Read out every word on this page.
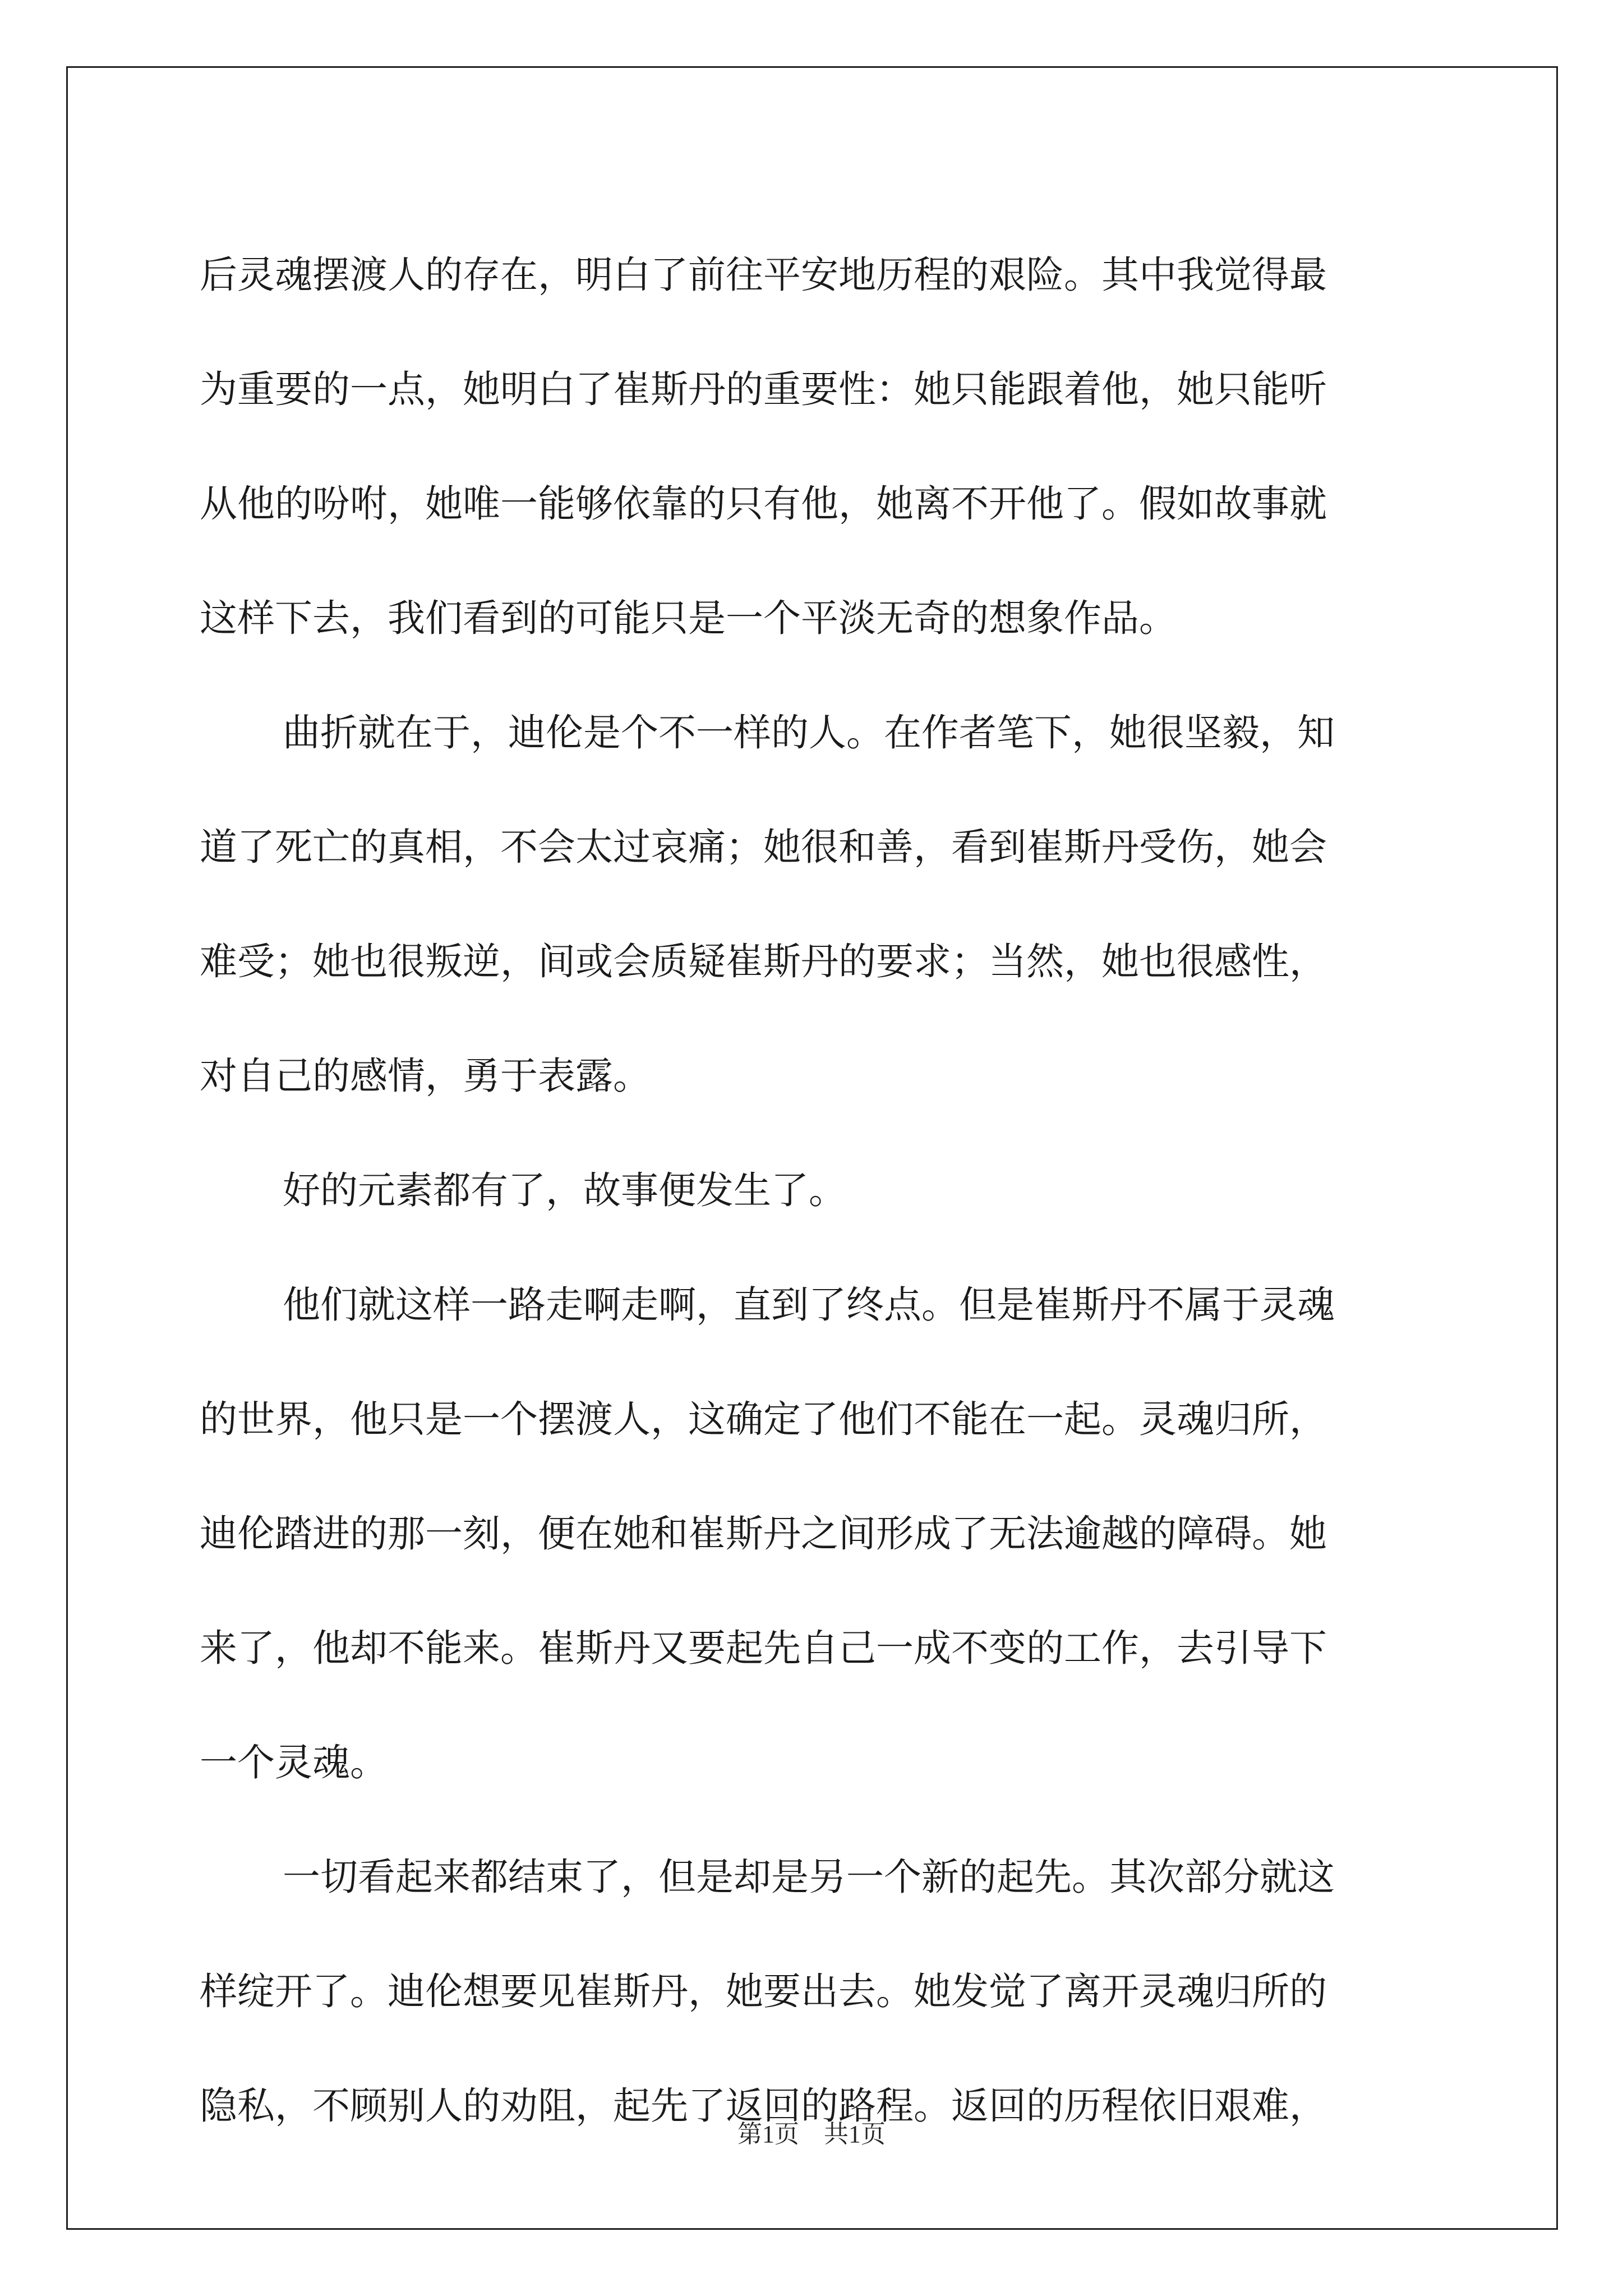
后灵魂摆渡人的存在，明白了前往平安地历程的艰险。其中我觉得最
为重要的一点，她明白了崔斯丹的重要性：她只能跟着他，她只能听
从他的吩咐，她唯一能够依靠的只有他，她离不开他了。假如故事就
这样下去，我们看到的可能只是一个平淡无奇的想象作品。
曲折就在于，迪伦是个不一样的人。在作者笔下，她很坚毅，知
道了死亡的真相，不会太过哀痛；她很和善，看到崔斯丹受伤，她会
难受；她也很叛逆，间或会质疑崔斯丹的要求；当然，她也很感性，
对自己的感情，勇于表露。
好的元素都有了，故事便发生了。
他们就这样一路走啊走啊，直到了终点。但是崔斯丹不属于灵魂
的世界，他只是一个摆渡人，这确定了他们不能在一起。灵魂归所，
迪伦踏进的那一刻，便在她和崔斯丹之间形成了无法逾越的障碍。她
来了，他却不能来。崔斯丹又要起先自己一成不变的工作，去引导下
一个灵魂。
一切看起来都结束了，但是却是另一个新的起先。其次部分就这
样绽开了。迪伦想要见崔斯丹，她要出去。她发觉了离开灵魂归所的
隐私，不顾别人的劝阻，起先了返回的路程。返回的历程依旧艰难，
第1页　共1页
